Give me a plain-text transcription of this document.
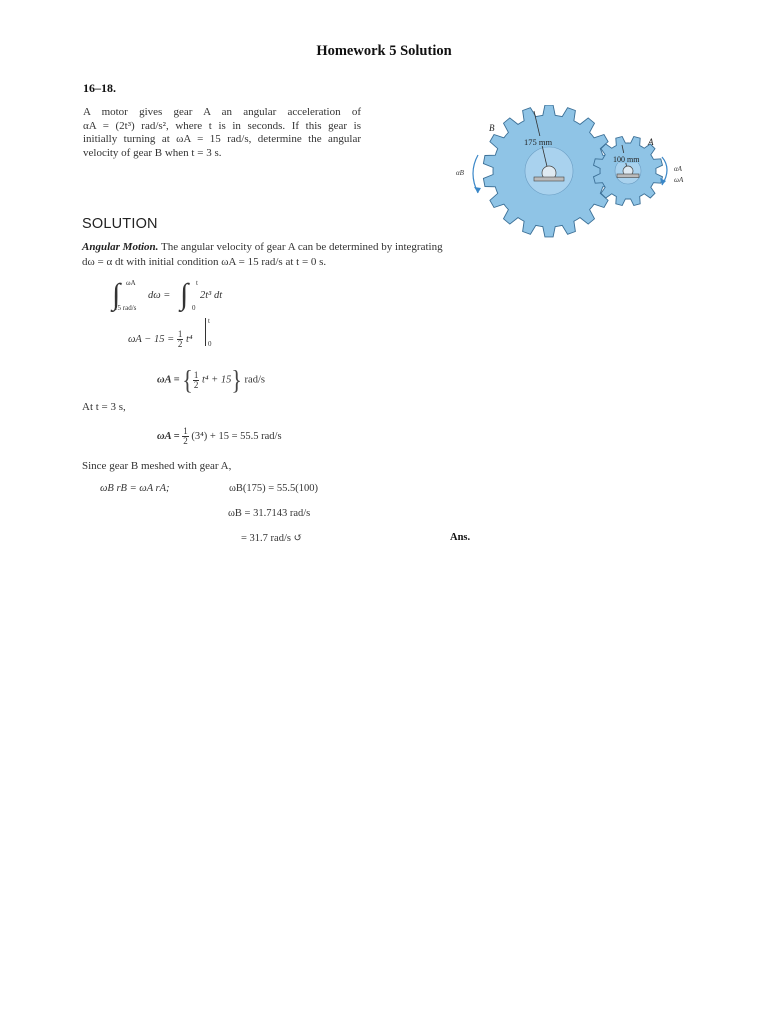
Homework 5 Solution
16–18.
A motor gives gear A an angular acceleration of
αA = (2t³) rad/s², where t is in seconds. If this gear is
initially turning at ωA = 15 rad/s, determine the angular
velocity of gear B when t = 3 s.
175 mm
100 mm
B
A
αB	αA
ωA
SOLUTION
Angular Motion. The angular velocity of gear A can be determined by integrating
dω = α dt with initial condition ωA = 15 rad/s at t = 0 s.
∫ ωA
15 rad/s
dω = ∫ t
0
2t³ dt
$\omega A - 15 = \frac{1}{2} t^4$
t
0
ωA = { $\frac{1}{2} t^4 + 15$} rad/s
At t = 3 s,
$\omega A = \frac{1}{2} (3^4) + 15 = 55.5$ rad/s
Since gear B meshed with gear A,
ωB rB = ωA rA;	ωB(175) = 55.5(100)
ωB = 31.7143 rad/s
= 31.7 rad/s ↺	Ans.
